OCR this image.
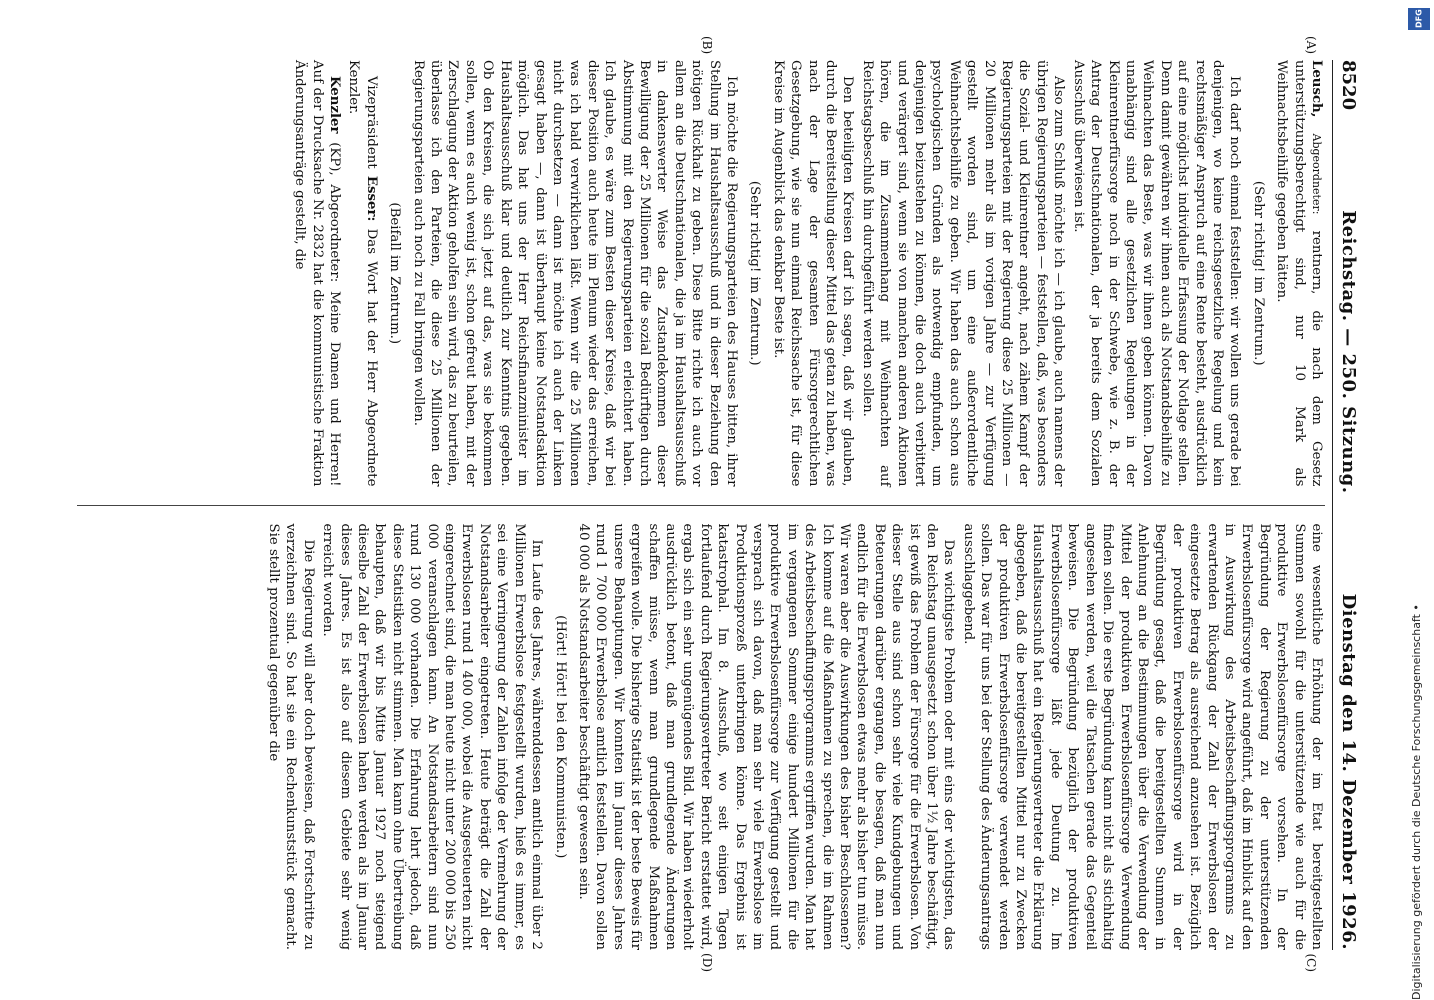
8520
Reichstag. — 250. Sitzung.
Dienstag den 14. Dezember 1926.

Leusch, Abgeordneter: rentnern, die nach dem Gesetz unterstützungsberechtigt sind, nur 10 Mark als Weihnachtsbeihilfe gegeben hätten.

(Sehr richtig! im Zentrum.)

Ich darf noch einmal feststellen: wir wollen uns gerade bei denjenigen, wo keine reichsgesetzliche Regelung und kein rechtsmäßiger Anspruch auf eine Rente besteht, ausdrücklich auf eine möglichst individuelle Erfassung der Notlage stellen. Denn damit gewähren wir ihnen auch als Notstandsbeihilfe zu Weihnachten das Beste, was wir ihnen geben können. Davon unabhängig sind alle gesetzlichen Regelungen in der Kleinrentnerfürsorge noch in der Schwebe, wie z. B. der Antrag der Deutschnationalen, der ja bereits dem Sozialen Ausschuß überwiesen ist.

Also zum Schluß möchte ich — ich glaube, auch namens der übrigen Regierungsparteien — feststellen, daß, was besonders die Sozial- und Kleinrentner angeht, nach zähem Kampf der Regierungsparteien mit der Regierung diese 25 Millionen — 20 Millionen mehr als im vorigen Jahre — zur Verfügung gestellt worden sind, um eine außerordentliche Weihnachtsbeihilfe zu geben. Wir haben das auch schon aus psychologischen Gründen als notwendig empfunden, um denjenigen beizustehen zu können, die doch auch verbittert und verärgert sind, wenn sie von manchen anderen Aktionen hören, die im Zusammenhang mit Weihnachten auf Reichstagsbeschluß hin durchgeführt werden sollen.

Den beteiligten Kreisen darf ich sagen, daß wir glauben, durch die Bereitstellung dieser Mittel das getan zu haben, was nach der Lage der gesamten Fürsorgerechtlichen Gesetzgebung, wie sie nun einmal Reichssache ist, für diese Kreise im Augenblick das denkbar Beste ist.

(Sehr richtig! im Zentrum.)

Ich möchte die Regierungsparteien des Hauses bitten, ihrer Stellung im Haushaltsausschuß und in dieser Beziehung den nötigen Rückhalt zu geben. Diese Bitte richte ich auch vor allem an die Deutschnationalen, die ja im Haushaltsausschuß in dankenswerter Weise das Zustandekommen dieser Bewilligung der 25 Millionen für die sozial Bedürftigen durch Abstimmung mit den Regierungsparteien erleichtert haben. Ich glaube, es wäre zum Besten dieser Kreise, daß wir bei dieser Position auch heute im Plenum wieder das erreichen, was ich bald verwirklichen läßt. Wenn wir die 25 Millionen nicht durchsetzen — dann ist möchte ich auch der Linken gesagt haben —, dann ist überhaupt keine Notstandsaktion möglich. Das hat uns der Herr Reichsfinanzminister im Haushaltsausschuß klar und deutlich zur Kenntnis gegeben. Ob den Kreisen, die sich jetzt auf das, was sie bekommen sollen, wenn es auch wenig ist, schon gefreut haben, mit der Zerschlagung der Aktion geholfen sein wird, das zu beurteilen, überlasse ich den Parteien, die diese 25 Millionen der Regierungsparteien auch noch zu Fall bringen wollen.

(Beifall im Zentrum.)

Vizepräsident Esser: Das Wort hat der Herr Abgeordnete Kenzler.

Kenzler (KP), Abgeordneter: Meine Damen und Herren! Auf der Drucksache Nr. 2832 hat die kommunistische Fraktion Änderungsanträge gestellt, die

(A)
(B)

eine wesentliche Erhöhung der im Etat bereitgestellten Summen sowohl für die unterstützende wie auch für die produktive Erwerbslosenfürsorge vorsehen. In der Begründung der Regierung zu der unterstützenden Erwerbslosenfürsorge wird angeführt, daß im Hinblick auf den in Auswirkung des Arbeitsbeschaffungsprogramms zu erwartenden Rückgang der Zahl der Erwerbslosen der eingesetzte Betrag als ausreichend anzusehen ist. Bezüglich der produktiven Erwerbslosenfürsorge wird in der Begründung gesagt, daß die bereitgestellten Summen in Anlehnung an die Bestimmungen über die Verwendung der Mittel der produktiven Erwerbslosenfürsorge Verwendung finden sollen. Die erste Begründung kann nicht als stichhaltig angesehen werden, weil die Tatsachen gerade das Gegenteil beweisen. Die Begründung bezüglich der produktiven Erwerbslosenfürsorge läßt jede Deutung zu. Im Haushaltsausschuß hat ein Regierungsvertreter die Erklärung abgegeben, daß die bereitgestellten Mittel nur zu Zwecken der produktiven Erwerbslosenfürsorge verwendet werden sollen. Das war für uns bei der Stellung des Änderungsantrags ausschlaggebend.

Das wichtigste Problem oder mit eins der wichtigsten, das den Reichstag unausgesetzt schon über 1½ Jahre beschäftigt, ist gewiß das Problem der Fürsorge für die Erwerbslosen. Von dieser Stelle aus sind schon sehr viele Kundgebungen und Beteuerungen darüber ergangen, die besagen, daß man nun endlich für die Erwerbslosen etwas mehr als bisher tun müsse. Wir waren aber die Auswirkungen des bisher Beschlossenen? Ich komme auf die Maßnahmen zu sprechen, die im Rahmen des Arbeitsbeschaffungsprogramms ergriffen wurden. Man hat im vergangenen Sommer einige hundert Millionen für die produktive Erwerbslosenfürsorge zur Verfügung gestellt und versprach sich davon, daß man sehr viele Erwerbslose im Produktionsprozeß unterbringen könne. Das Ergebnis ist katastrophal. Im 8. Ausschuß, wo seit einigen Tagen fortlaufend durch Regierungsvertreter Bericht erstattet wird, ergab sich ein sehr ungenügendes Bild. Wir haben wiederholt ausdrücklich betont, daß man grundlegende Änderungen schaffen müsse, wenn man grundlegende Maßnahmen ergreifen wolle. Die bisherige Statistik ist der beste Beweis für unsere Behauptungen. Wir konnten im Januar dieses Jahres rund 1 700 000 Erwerbslose amtlich feststellen. Davon sollen 40 000 als Notstandsarbeiter beschäftigt gewesen sein.

(Hört! Hört! bei den Kommunisten.)

Im Laufe des Jahres, währenddessen amtlich einmal über 2 Millionen Erwerbslose festgestellt wurden, hieß es immer, es sei eine Verringerung der Zahlen infolge der Vermehrung der Notstandsarbeiter eingetreten. Heute beträgt die Zahl der Erwerbslosen rund 1 400 000, wobei die Ausgesteuerten nicht eingerechnet sind, die man heute nicht unter 200 000 bis 250 000 veranschlagen kann. An Notstandsarbeitern sind nun rund 130 000 vorhanden. Die Erfahrung lehrt jedoch, daß diese Statistiken nicht stimmen. Man kann ohne Übertreibung behaupten, daß wir bis Mitte Januar 1927 noch steigend dieselbe Zahl der Erwerbslosen haben werden als im Januar dieses Jahres. Es ist also auf diesem Gebiete sehr wenig erreicht worden.

Die Regierung will aber doch beweisen, daß Fortschritte zu verzeichnen sind. So hat sie ein Rechenkunststück gemacht. Sie stellt prozentual gegenüber die

(C)
(D)
DFG
Digitalisierung gefördert durch die Deutsche Forschungsgemeinschaft •
